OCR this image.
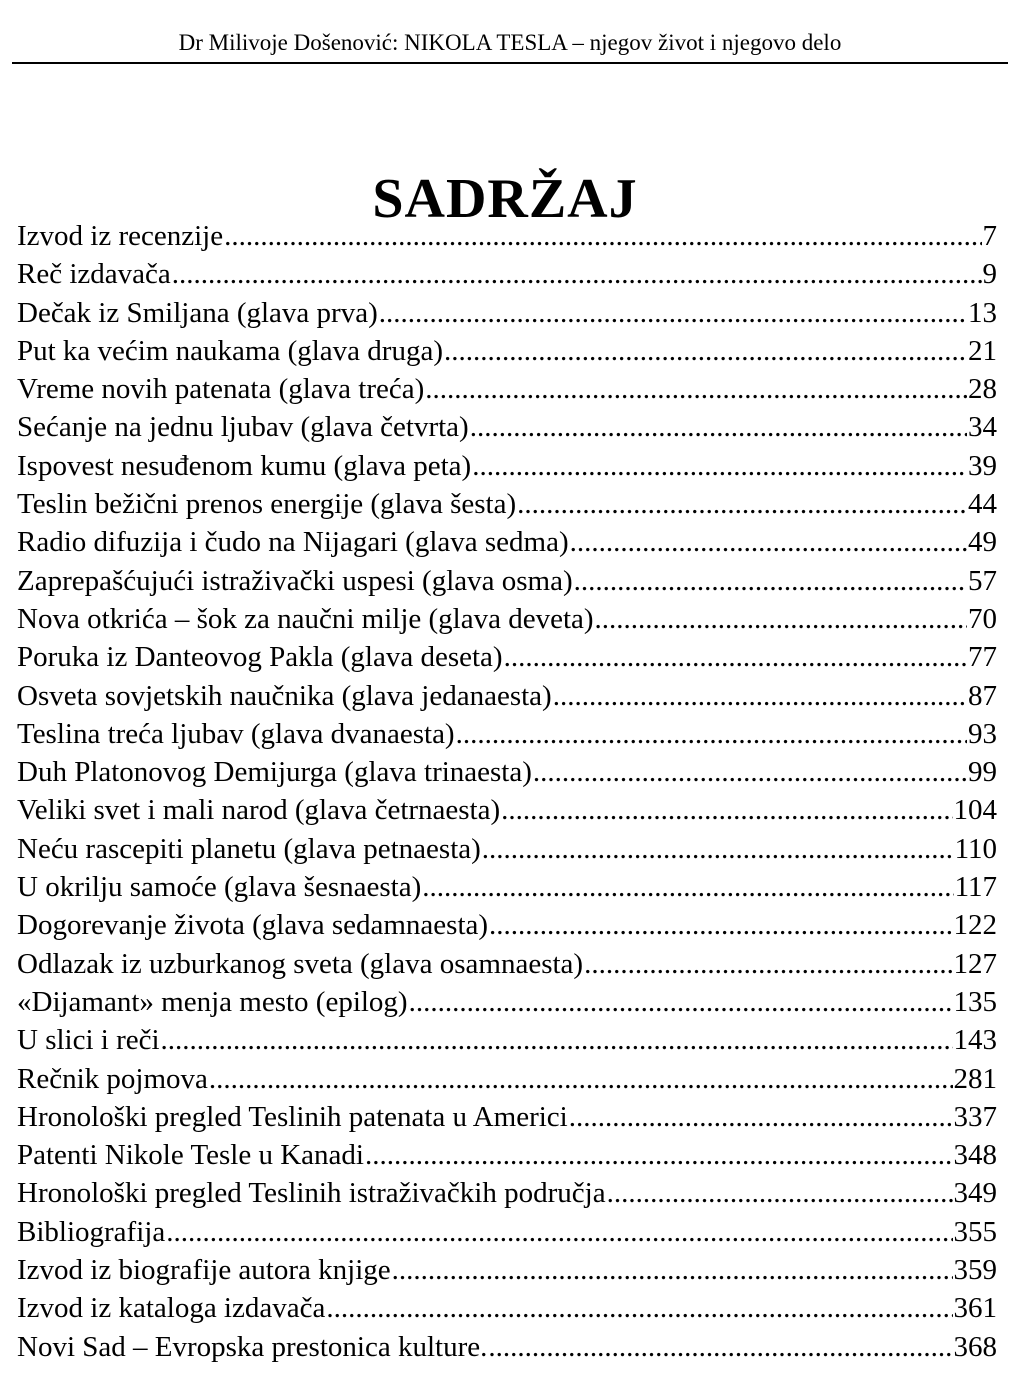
Dr Milivoje Došenović: NIKOLA TESLA – njegov život i njegovo delo
SADRŽAJ
Izvod iz recenzije .....	7
Reč izdavača .....	9
Dečak iz Smiljana (glava prva) .....	13
Put ka većim naukama (glava druga) .....	21
Vreme novih patenata (glava treća) .....	28
Sećanje na jednu ljubav (glava četvrta) .....	34
Ispovest nesuđenom kumu (glava peta) .....	39
Teslin bežični prenos energije (glava šesta) .....	44
Radio difuzija i čudo na Nijagari (glava sedma) .....	49
Zaprepašćujući istraživački uspesi (glava osma) .....	57
Nova otkrića – šok za naučni milje (glava deveta) .....	70
Poruka iz Danteovog Pakla (glava deseta) .....	77
Osveta sovjetskih naučnika (glava jedanaesta) .....	87
Teslina treća ljubav (glava dvanaesta) .....	93
Duh Platonovog Demijurga (glava trinaesta) .....	99
Veliki svet i mali narod (glava četrnaesta) .....	104
Neću rascepiti planetu (glava petnaesta) .....	110
U okrilju samoće (glava šesnaesta) .....	117
Dogorevanje života (glava sedamnaesta) .....	122
Odlazak iz uzburkanog sveta (glava osamnaesta) .....	127
«Dijamant» menja mesto (epilog) .....	135
U slici i reči .....	143
Rečnik pojmova .....	281
Hronološki pregled Teslinih patenata u Americi .....	337
Patenti Nikole Tesle u Kanadi .....	348
Hronološki pregled Teslinih istraživačkih područja .....	349
Bibliografija .....	355
Izvod iz biografije autora knjige .....	359
Izvod iz kataloga izdavača .....	361
Novi Sad – Evropska prestonica kulture. .....	368
